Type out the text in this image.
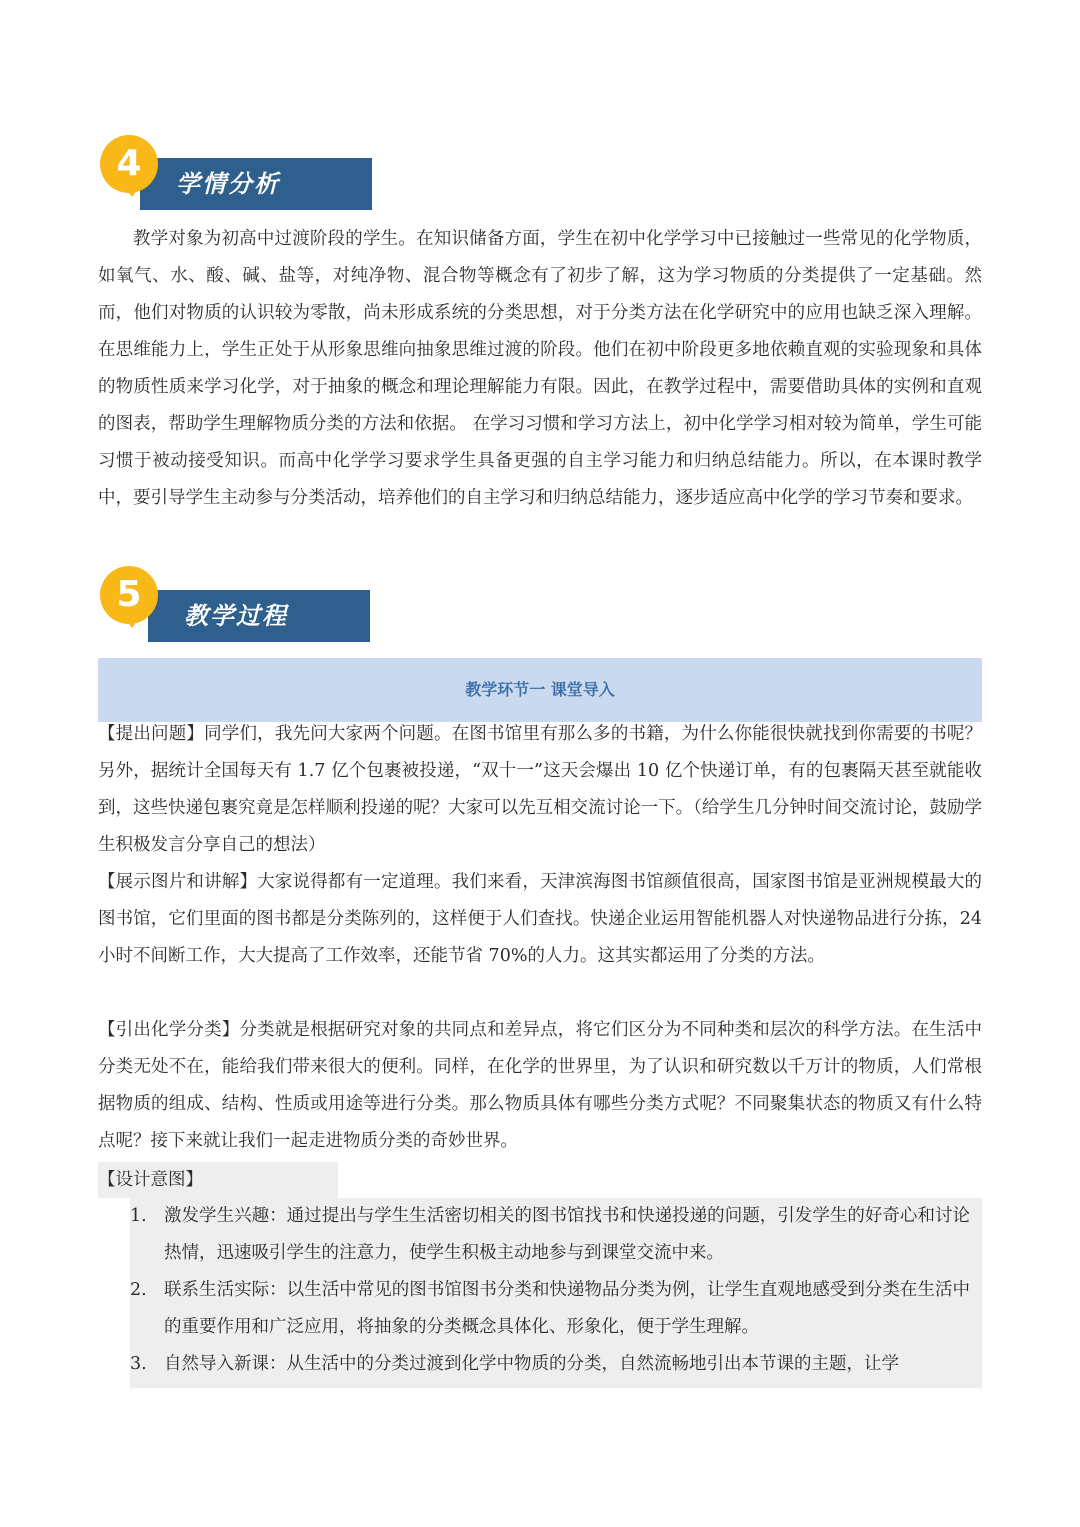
4	学情分析

教学对象为初高中过渡阶段的学生。在知识储备方面，学生在初中化学学习中已接触过一些常见的化学物质，如氧气、水、酸、碱、盐等，对纯净物、混合物等概念有了初步了解，这为学习物质的分类提供了一定基础。然而，他们对物质的认识较为零散，尚未形成系统的分类思想，对于分类方法在化学研究中的应用也缺乏深入理解。 在思维能力上，学生正处于从形象思维向抽象思维过渡的阶段。他们在初中阶段更多地依赖直观的实验现象和具体的物质性质来学习化学，对于抽象的概念和理论理解能力有限。因此，在教学过程中，需要借助具体的实例和直观的图表，帮助学生理解物质分类的方法和依据。 在学习习惯和学习方法上，初中化学学习相对较为简单，学生可能习惯于被动接受知识。而高中化学学习要求学生具备更强的自主学习能力和归纳总结能力。所以，在本课时教学中，要引导学生主动参与分类活动，培养他们的自主学习和归纳总结能力，逐步适应高中化学的学习节奏和要求。

5
教学过程
教学环节一 课堂导入

【提出问题】同学们，我先问大家两个问题。在图书馆里有那么多的书籍，为什么你能很快就找到你需要的书呢？另外，据统计全国每天有 1.7 亿个包裹被投递，“双十一”这天会爆出 10 亿个快递订单，有的包裹隔天甚至就能收到，这些快递包裹究竟是怎样顺利投递的呢？大家可以先互相交流讨论一下。（给学生几分钟时间交流讨论，鼓励学生积极发言分享自己的想法）

【展示图片和讲解】大家说得都有一定道理。我们来看，天津滨海图书馆颜值很高，国家图书馆是亚洲规模最大的图书馆，它们里面的图书都是分类陈列的，这样便于人们查找。快递企业运用智能机器人对快递物品进行分拣，24 小时不间断工作，大大提高了工作效率，还能节省 70%的人力。这其实都运用了分类的方法。

【引出化学分类】分类就是根据研究对象的共同点和差异点，将它们区分为不同种类和层次的科学方法。在生活中分类无处不在，能给我们带来很大的便利。同样，在化学的世界里，为了认识和研究数以千万计的物质，人们常根据物质的组成、结构、性质或用途等进行分类。那么物质具体有哪些分类方式呢？不同聚集状态的物质又有什么特点呢？接下来就让我们一起走进物质分类的奇妙世界。

【设计意图】
1. 激发学生兴趣：通过提出与学生生活密切相关的图书馆找书和快递投递的问题，引发学生的好奇心和讨论热情，迅速吸引学生的注意力，使学生积极主动地参与到课堂交流中来。
2. 联系生活实际：以生活中常见的图书馆图书分类和快递物品分类为例，让学生直观地感受到分类在生活中的重要作用和广泛应用，将抽象的分类概念具体化、形象化，便于学生理解。
3. 自然导入新课：从生活中的分类过渡到化学中物质的分类，自然流畅地引出本节课的主题，让学
